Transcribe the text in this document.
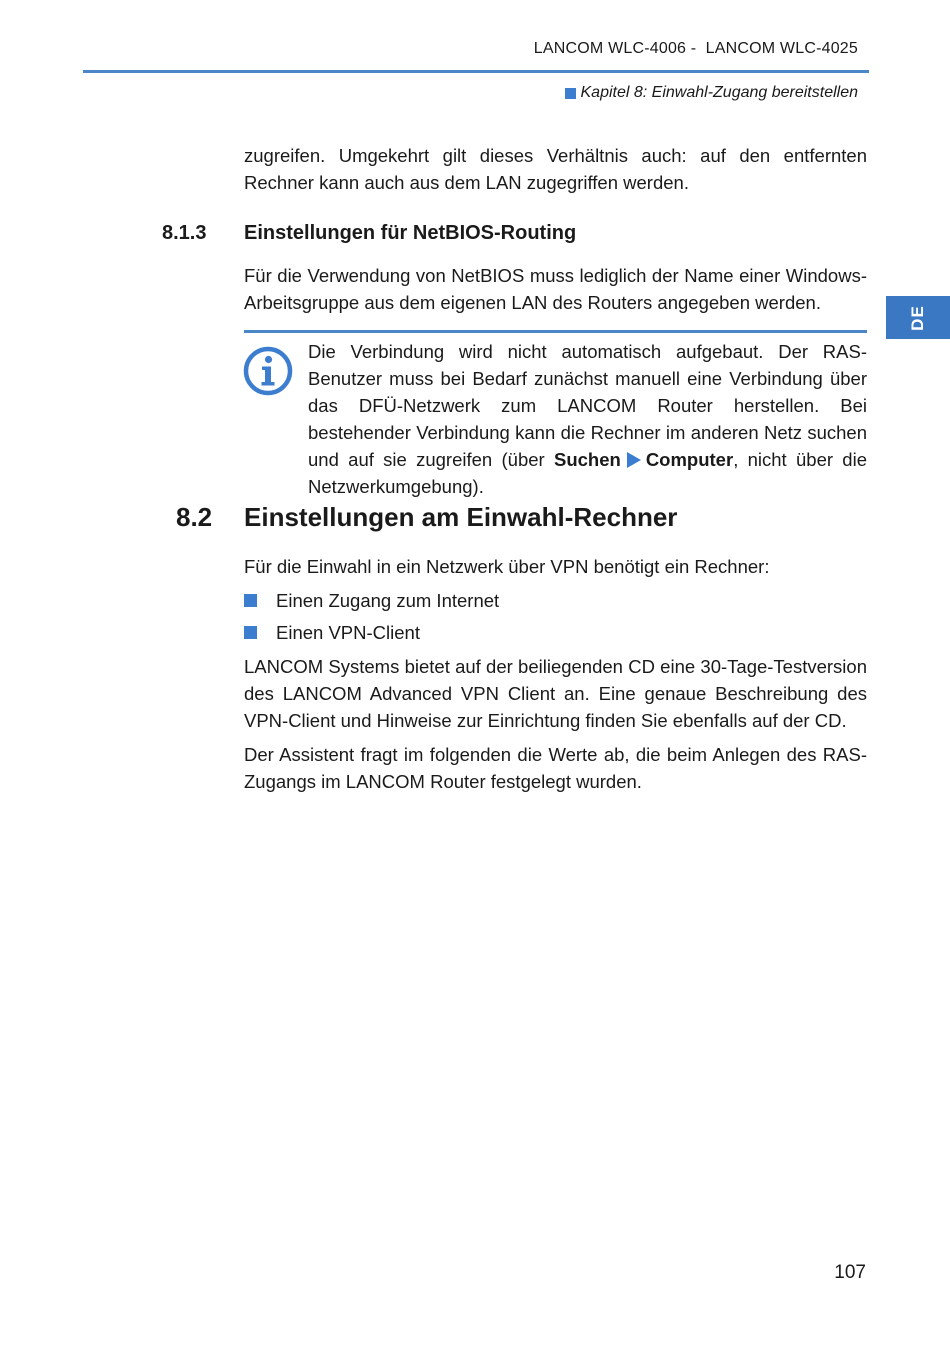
LANCOM WLC-4006 -  LANCOM WLC-4025
Kapitel 8: Einwahl-Zugang bereitstellen
DE
zugreifen. Umgekehrt gilt dieses Verhältnis auch: auf den entfernten Rechner kann auch aus dem LAN zugegriffen werden.
8.1.3 Einstellungen für NetBIOS-Routing
Für die Verwendung von NetBIOS muss lediglich der Name einer Windows-Arbeitsgruppe aus dem eigenen LAN des Routers angegeben werden.
Die Verbindung wird nicht automatisch aufgebaut. Der RAS-Benutzer muss bei Bedarf zunächst manuell eine Verbindung über das DFÜ-Netzwerk zum LANCOM Router herstellen. Bei bestehender Verbindung kann die Rechner im anderen Netz suchen und auf sie zugreifen (über Suchen Computer, nicht über die Netzwerkumgebung).
8.2 Einstellungen am Einwahl-Rechner
Für die Einwahl in ein Netzwerk über VPN benötigt ein Rechner:
Einen Zugang zum Internet
Einen VPN-Client
LANCOM Systems bietet auf der beiliegenden CD eine 30-Tage-Testversion des LANCOM Advanced VPN Client an. Eine genaue Beschreibung des VPN-Client und Hinweise zur Einrichtung finden Sie ebenfalls auf der CD.
Der Assistent fragt im folgenden die Werte ab, die beim Anlegen des RAS-Zugangs im LANCOM Router festgelegt wurden.
107
